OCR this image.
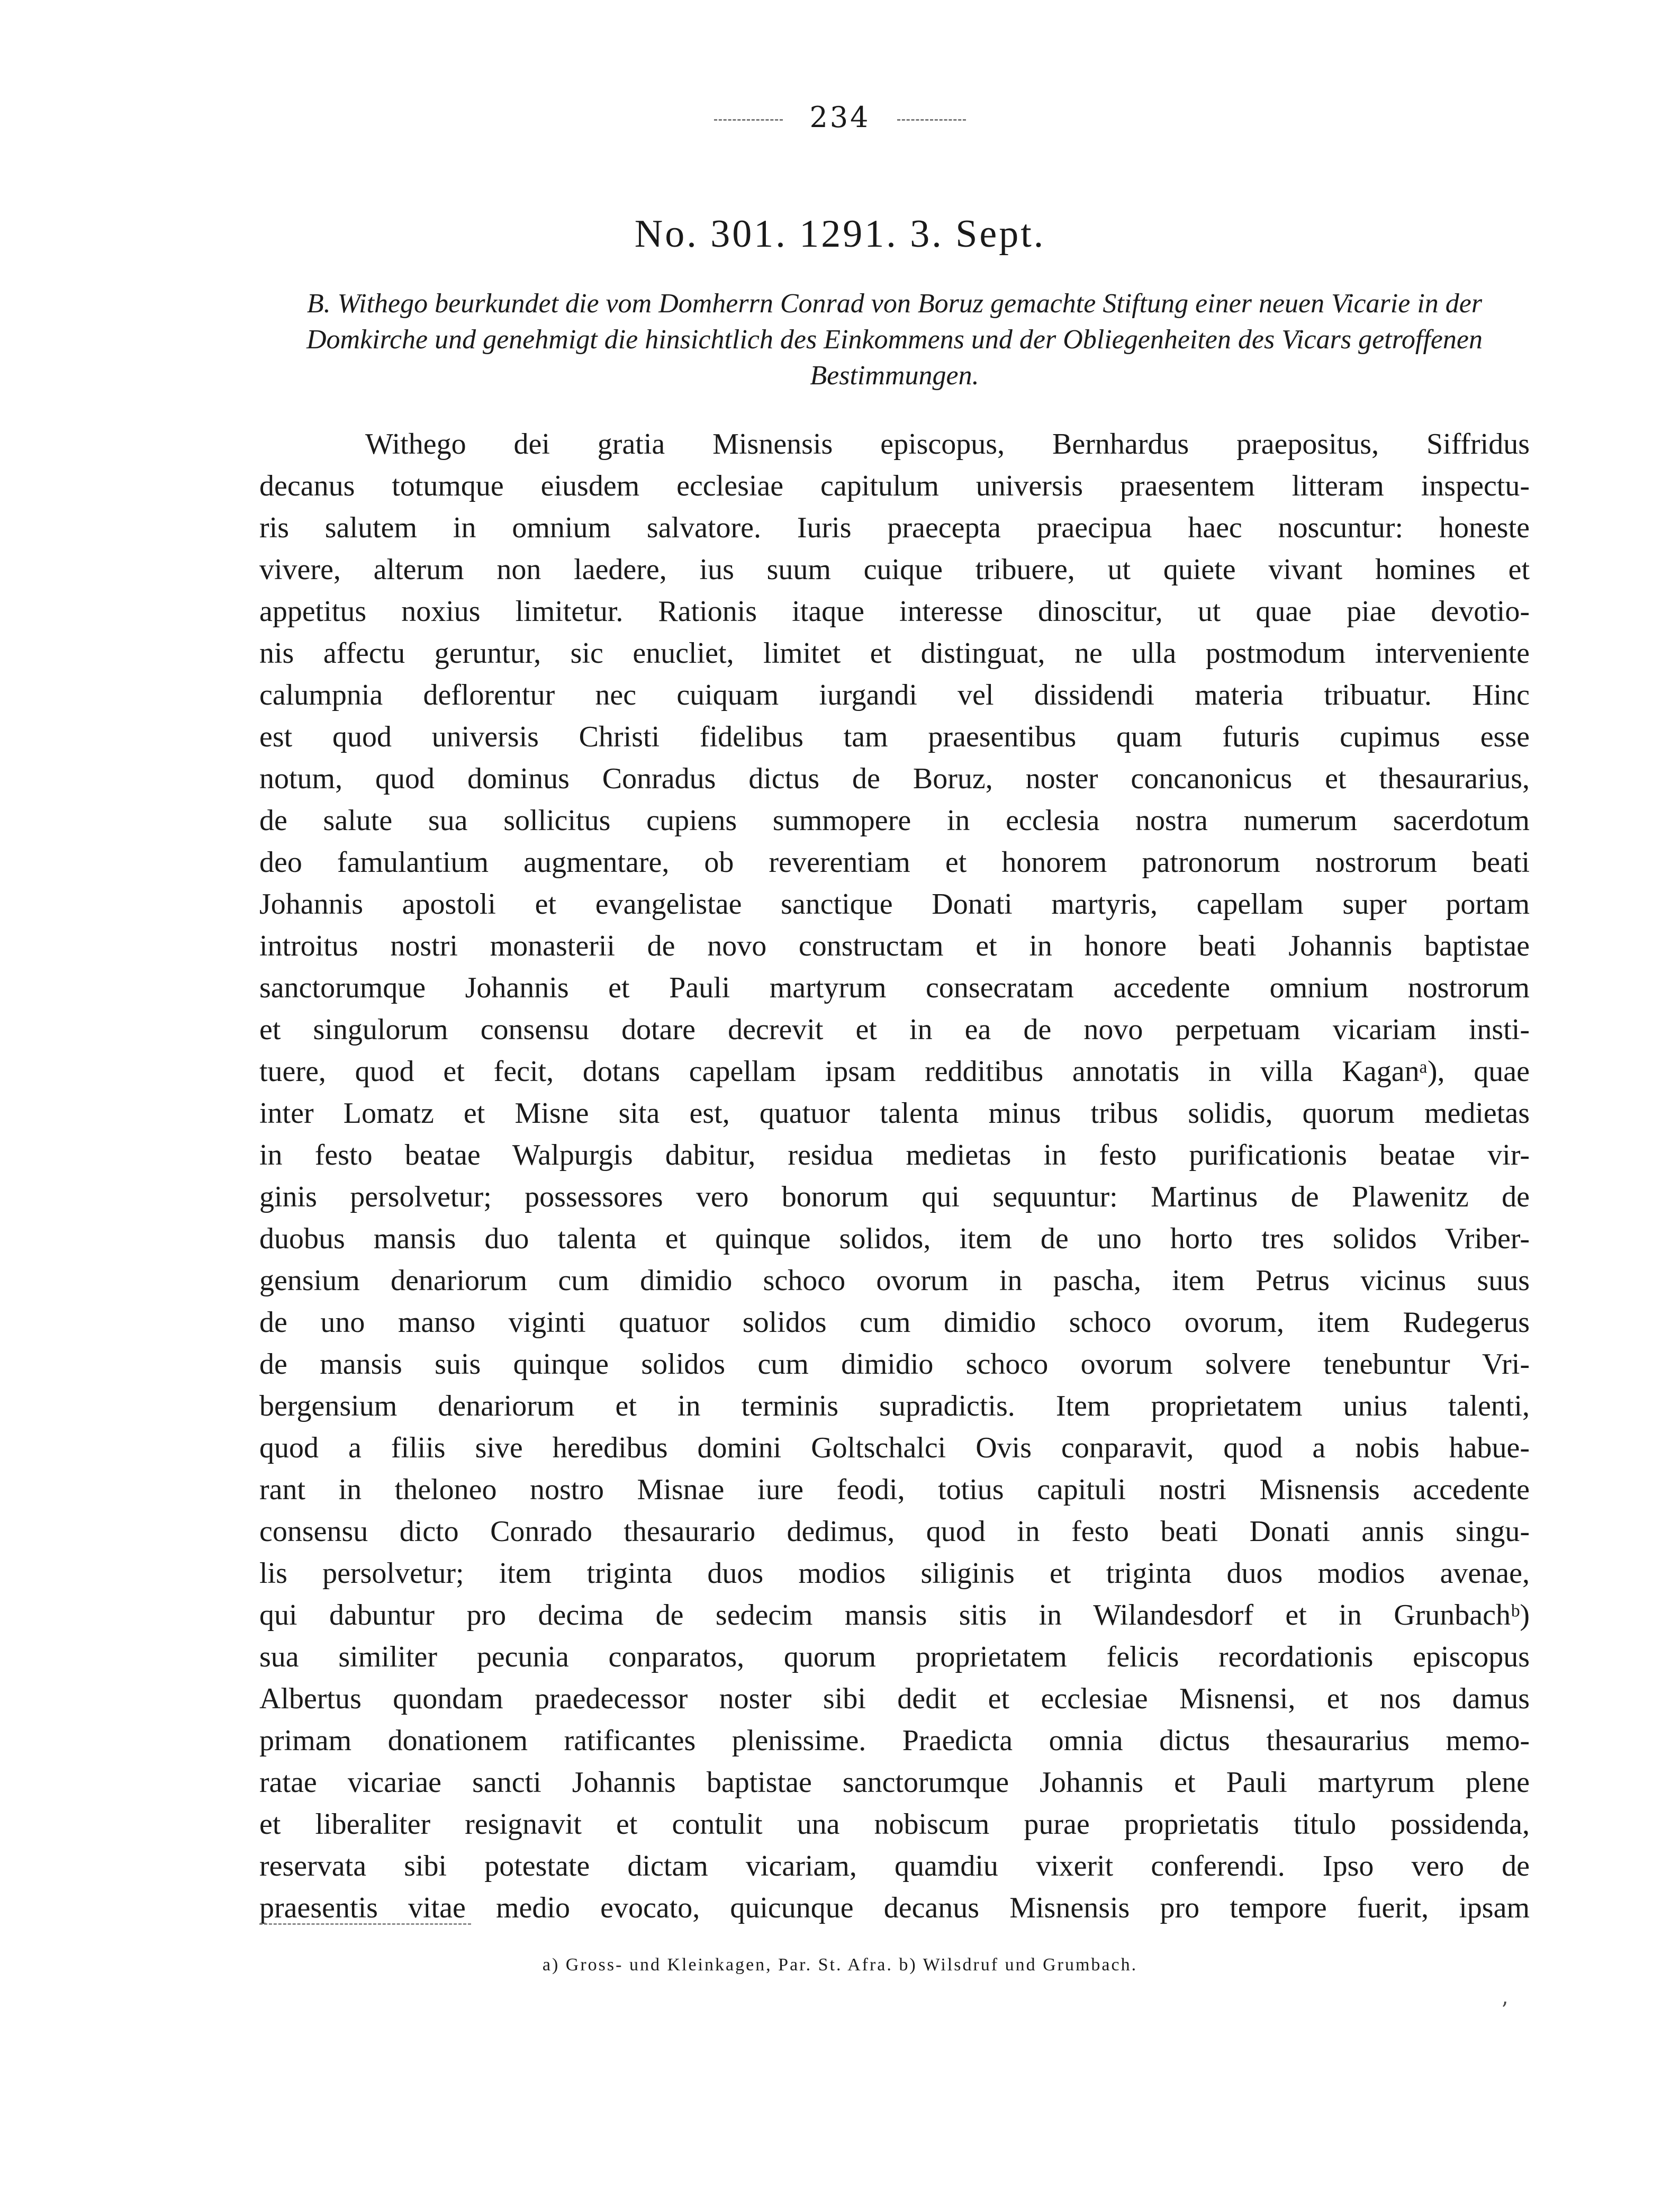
234
No. 301. 1291. 3. Sept.
B. Withego beurkundet die vom Domherrn Conrad von Boruz gemachte Stiftung einer neuen Vicarie in der Domkirche und genehmigt die hinsichtlich des Einkommens und der Obliegenheiten des Vicars getroffenen Bestimmungen.
Withego dei gratia Misnensis episcopus, Bernhardus praepositus, Siffridus
decanus totumque eiusdem ecclesiae capitulum universis praesentem litteram inspectu-
ris salutem in omnium salvatore. Iuris praecepta praecipua haec noscuntur: honeste
vivere, alterum non laedere, ius suum cuique tribuere, ut quiete vivant homines et
appetitus noxius limitetur. Rationis itaque interesse dinoscitur, ut quae piae devotio-
nis affectu geruntur, sic enucliet, limitet et distinguat, ne ulla postmodum interveniente
calumpnia deflorentur nec cuiquam iurgandi vel dissidendi materia tribuatur. Hinc
est quod universis Christi fidelibus tam praesentibus quam futuris cupimus esse
notum, quod dominus Conradus dictus de Boruz, noster concanonicus et thesaurarius,
de salute sua sollicitus cupiens summopere in ecclesia nostra numerum sacerdotum
deo famulantium augmentare, ob reverentiam et honorem patronorum nostrorum beati
Johannis apostoli et evangelistae sanctique Donati martyris, capellam super portam
introitus nostri monasterii de novo constructam et in honore beati Johannis baptistae
sanctorumque Johannis et Pauli martyrum consecratam accedente omnium nostrorum
et singulorum consensu dotare decrevit et in ea de novo perpetuam vicariam insti-
tuere, quod et fecit, dotans capellam ipsam redditibus annotatis in villa Kaganᵃ), quae
inter Lomatz et Misne sita est, quatuor talenta minus tribus solidis, quorum medietas
in festo beatae Walpurgis dabitur, residua medietas in festo purificationis beatae vir-
ginis persolvetur; possessores vero bonorum qui sequuntur: Martinus de Plawenitz de
duobus mansis duo talenta et quinque solidos, item de uno horto tres solidos Vriber-
gensium denariorum cum dimidio schoco ovorum in pascha, item Petrus vicinus suus
de uno manso viginti quatuor solidos cum dimidio schoco ovorum, item Rudegerus
de mansis suis quinque solidos cum dimidio schoco ovorum solvere tenebuntur Vri-
bergensium denariorum et in terminis supradictis. Item proprietatem unius talenti,
quod a filiis sive heredibus domini Goltschalci Ovis conparavit, quod a nobis habue-
rant in theloneo nostro Misnae iure feodi, totius capituli nostri Misnensis accedente
consensu dicto Conrado thesaurario dedimus, quod in festo beati Donati annis singu-
lis persolvetur; item triginta duos modios siliginis et triginta duos modios avenae,
qui dabuntur pro decima de sedecim mansis sitis in Wilandesdorf et in Grunbachᵇ)
sua similiter pecunia conparatos, quorum proprietatem felicis recordationis episcopus
Albertus quondam praedecessor noster sibi dedit et ecclesiae Misnensi, et nos damus
primam donationem ratificantes plenissime. Praedicta omnia dictus thesaurarius memo-
ratae vicariae sancti Johannis baptistae sanctorumque Johannis et Pauli martyrum plene
et liberaliter resignavit et contulit una nobiscum purae proprietatis titulo possidenda,
reservata sibi potestate dictam vicariam, quamdiu vixerit conferendi. Ipso vero de
praesentis vitae medio evocato, quicunque decanus Misnensis pro tempore fuerit, ipsam
a) Gross- und Kleinkagen, Par. St. Afra. b) Wilsdruf und Grumbach.
ʼ
